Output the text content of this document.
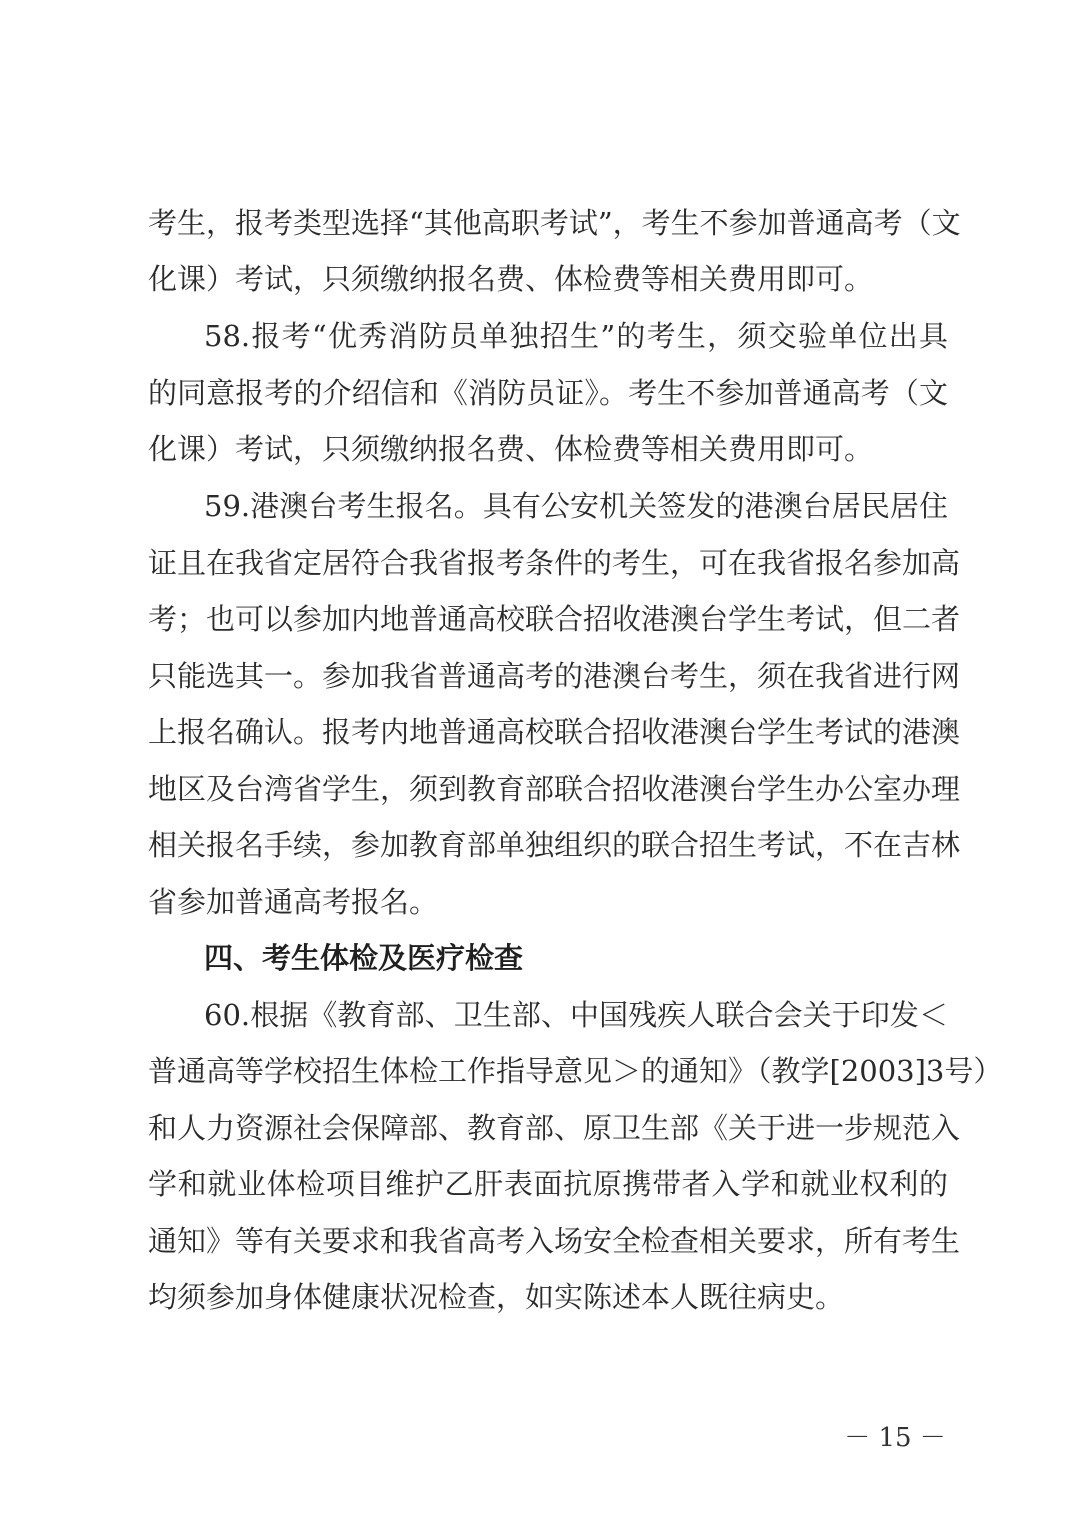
考生，报考类型选择“其他高职考试”，考生不参加普通高考（文
化课）考试，只须缴纳报名费、体检费等相关费用即可。
58.报考“优秀消防员单独招生”的考生，须交验单位出具
的同意报考的介绍信和《消防员证》。考生不参加普通高考（文
化课）考试，只须缴纳报名费、体检费等相关费用即可。
59.港澳台考生报名。具有公安机关签发的港澳台居民居住
证且在我省定居符合我省报考条件的考生，可在我省报名参加高
考；也可以参加内地普通高校联合招收港澳台学生考试，但二者
只能选其一。参加我省普通高考的港澳台考生，须在我省进行网
上报名确认。报考内地普通高校联合招收港澳台学生考试的港澳
地区及台湾省学生，须到教育部联合招收港澳台学生办公室办理
相关报名手续，参加教育部单独组织的联合招生考试，不在吉林
省参加普通高考报名。
四、考生体检及医疗检查
60.根据《教育部、卫生部、中国残疾人联合会关于印发＜
普通高等学校招生体检工作指导意见＞的通知》（教学[2003]3号）
和人力资源社会保障部、教育部、原卫生部《关于进一步规范入
学和就业体检项目维护乙肝表面抗原携带者入学和就业权利的
通知》等有关要求和我省高考入场安全检查相关要求，所有考生
均须参加身体健康状况检查，如实陈述本人既往病史。
－ 15 －
